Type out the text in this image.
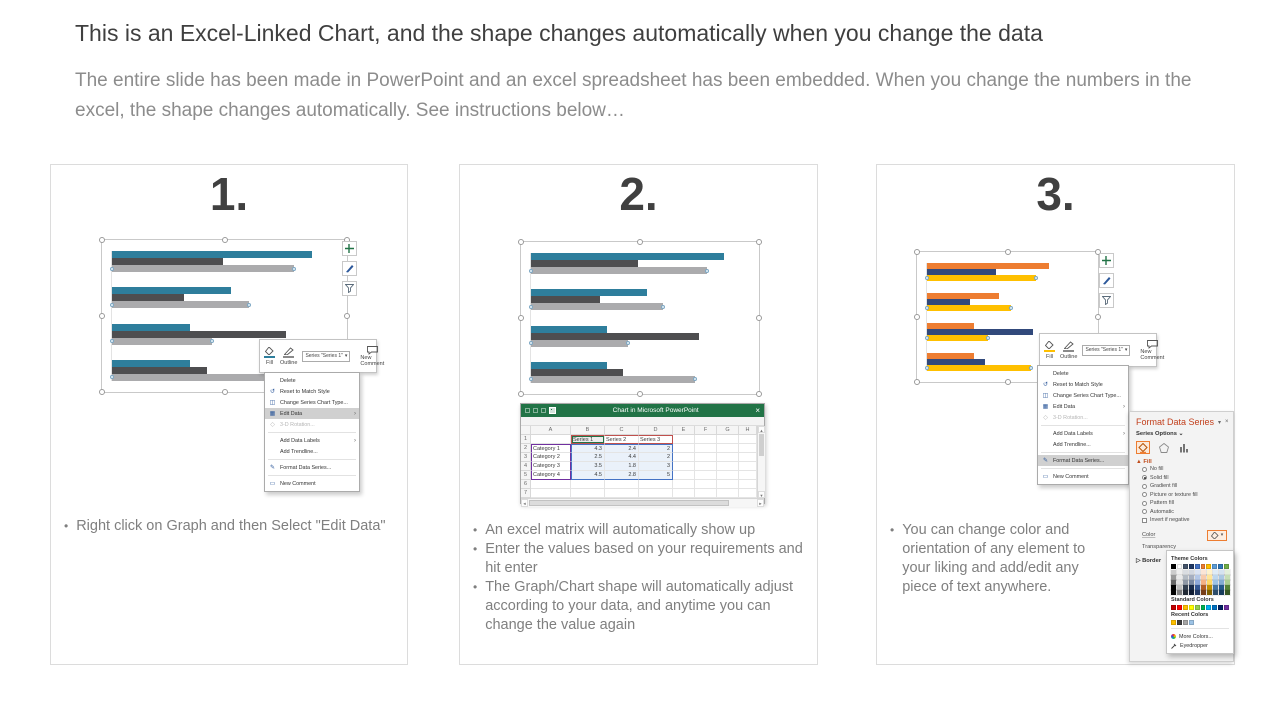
This is an Excel-Linked Chart, and the shape changes automatically when you change the data
The entire slide has been made in PowerPoint and an excel spreadsheet has been embedded. When you change the numbers in the excel, the shape changes automatically. See instructions below…
1.
Fill Outline
Series "Series 1" ▾ New Comment
Delete
↺ Reset to Match Style
◫ Change Series Chart Type...
▦ Edit Data	›
◇ 3-D Rotation...
Add Data Labels	›
Add Trendline...
✎ Format Data Series...
▭ New Comment
• Right click on Graph and then Select "Edit Data"
2.
Chart in Microsoft PowerPoint	×
A	B	C	D	E	F	G	H
1	Series 1	Series 2	Series 3
2	Category 1	4.3	2.4	2
3	Category 2	2.5	4.4	2
4	Category 3	3.5	1.8	3
5	Category 4	4.5	2.8	5
6
7
▲
▼
◄	►
• An excel matrix will automatically show up
• Enter the values based on your requirements and hit enter
• The Graph/Chart shape will automatically adjust according to your data, and anytime you can change the value again
3.
Fill Outline
Series "Series 1" ▾ New Comment
Delete
↺ Reset to Match Style
◫ Change Series Chart Type...
▦ Edit Data	›
◇ 3-D Rotation...
Add Data Labels	›
Add Trendline...
✎ Format Data Series...
▭ New Comment
Format Data Series ▾ ×
Series Options ⌄
▲ Fill
No fill
Solid fill
Gradient fill
Picture or texture fill
Pattern fill
Automatic
Invert if negative
Color	▾
Transparency
▷ Border	Theme Colors
Standard Colors
Recent Colors
More Colors...
Eyedropper
• You can change color and orientation of any element to your liking and add/edit any piece of text anywhere.
